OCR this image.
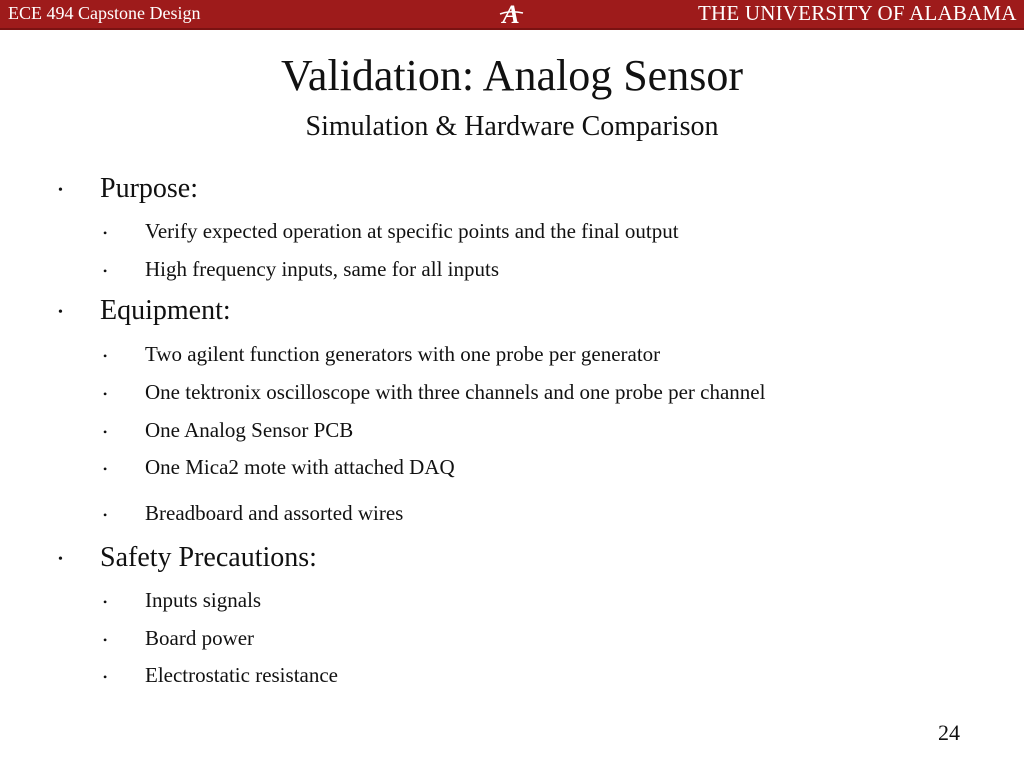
ECE 494 Capstone Design	A	THE UNIVERSITY OF ALABAMA
Validation: Analog Sensor
Simulation & Hardware Comparison
• Purpose:
• Verify expected operation at specific points and the final output
• High frequency inputs, same for all inputs
• Equipment:
• Two agilent function generators with one probe per generator
• One tektronix oscilloscope with three channels and one probe per channel
• One Analog Sensor PCB
• One Mica2 mote with attached DAQ
• Breadboard and assorted wires
• Safety Precautions:
• Inputs signals
• Board power
• Electrostatic resistance
24
